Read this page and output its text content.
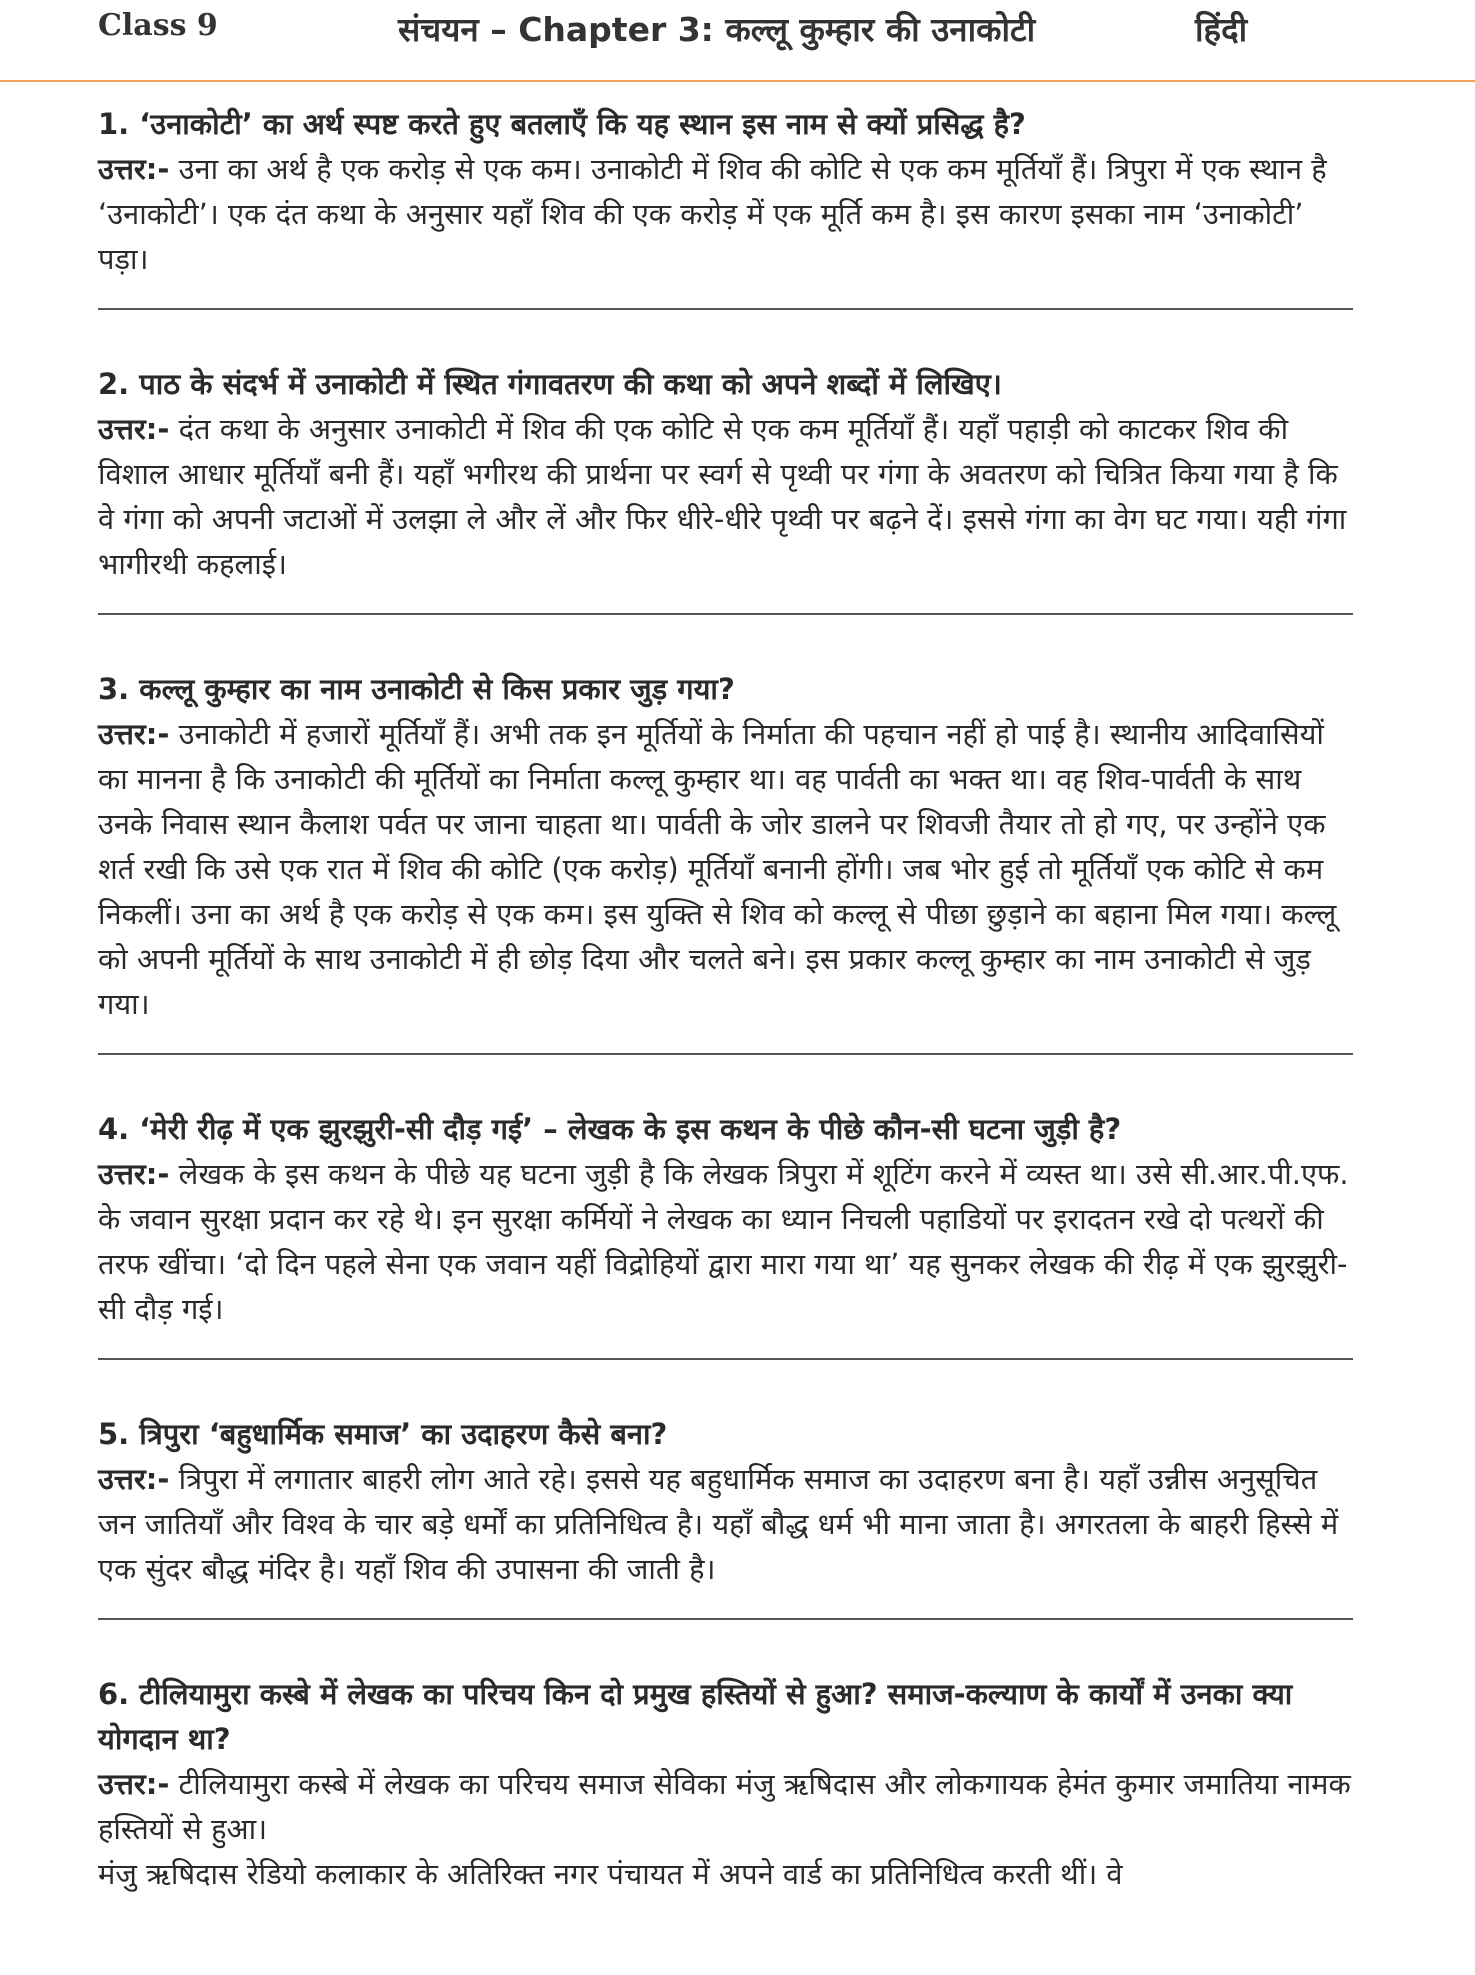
Class 9	संचयन – Chapter 3: कल्लू कुम्हार की उनाकोटी	हिंदी

1. ‘उनाकोटी’ का अर्थ स्पष्ट करते हुए बतलाएँ कि यह स्थान इस नाम से क्यों प्रसिद्ध है?

उत्तर:- उना का अर्थ है एक करोड़ से एक कम। उनाकोटी में शिव की कोटि से एक कम मूर्तियाँ हैं। त्रिपुरा में एक स्थान है ‘उनाकोटी’। एक दंत कथा के अनुसार यहाँ शिव की एक करोड़ में एक मूर्ति कम है। इस कारण इसका नाम ‘उनाकोटी’ पड़ा।

2. पाठ के संदर्भ में उनाकोटी में स्थित गंगावतरण की कथा को अपने शब्दों में लिखिए।

उत्तर:- दंत कथा के अनुसार उनाकोटी में शिव की एक कोटि से एक कम मूर्तियाँ हैं। यहाँ पहाड़ी को काटकर शिव की विशाल आधार मूर्तियाँ बनी हैं। यहाँ भगीरथ की प्रार्थना पर स्वर्ग से पृथ्वी पर गंगा के अवतरण को चित्रित किया गया है कि वे गंगा को अपनी जटाओं में उलझा ले और लें और फिर धीरे-धीरे पृथ्वी पर बढ़ने दें। इससे गंगा का वेग घट गया। यही गंगा भागीरथी कहलाई।

3. कल्लू कुम्हार का नाम उनाकोटी से किस प्रकार जुड़ गया?

उत्तर:- उनाकोटी में हजारों मूर्तियाँ हैं। अभी तक इन मूर्तियों के निर्माता की पहचान नहीं हो पाई है। स्थानीय आदिवासियों का मानना है कि उनाकोटी की मूर्तियों का निर्माता कल्लू कुम्हार था। वह पार्वती का भक्त था। वह शिव-पार्वती के साथ उनके निवास स्थान कैलाश पर्वत पर जाना चाहता था। पार्वती के जोर डालने पर शिवजी तैयार तो हो गए, पर उन्होंने एक शर्त रखी कि उसे एक रात में शिव की कोटि (एक करोड़) मूर्तियाँ बनानी होंगी। जब भोर हुई तो मूर्तियाँ एक कोटि से कम निकलीं। उना का अर्थ है एक करोड़ से एक कम। इस युक्ति से शिव को कल्लू से पीछा छुड़ाने का बहाना मिल गया। कल्लू को अपनी मूर्तियों के साथ उनाकोटी में ही छोड़ दिया और चलते बने। इस प्रकार कल्लू कुम्हार का नाम उनाकोटी से जुड़ गया।

4. ‘मेरी रीढ़ में एक झुरझुरी-सी दौड़ गई’ – लेखक के इस कथन के पीछे कौन-सी घटना जुड़ी है?

उत्तर:- लेखक के इस कथन के पीछे यह घटना जुड़ी है कि लेखक त्रिपुरा में शूटिंग करने में व्यस्त था। उसे सी.आर.पी.एफ. के जवान सुरक्षा प्रदान कर रहे थे। इन सुरक्षा कर्मियों ने लेखक का ध्यान निचली पहाडियों पर इरादतन रखे दो पत्थरों की तरफ खींचा। ‘दो दिन पहले सेना एक जवान यहीं विद्रोहियों द्वारा मारा गया था’ यह सुनकर लेखक की रीढ़ में एक झुरझुरी-सी दौड़ गई।

5. त्रिपुरा ‘बहुधार्मिक समाज’ का उदाहरण कैसे बना?

उत्तर:- त्रिपुरा में लगातार बाहरी लोग आते रहे। इससे यह बहुधार्मिक समाज का उदाहरण बना है। यहाँ उन्नीस अनुसूचित जन जातियाँ और विश्व के चार बड़े धर्मों का प्रतिनिधित्व है। यहाँ बौद्ध धर्म भी माना जाता है। अगरतला के बाहरी हिस्से में एक सुंदर बौद्ध मंदिर है। यहाँ शिव की उपासना की जाती है।

6. टीलियामुरा कस्बे में लेखक का परिचय किन दो प्रमुख हस्तियों से हुआ? समाज-कल्याण के कार्यों में उनका क्या योगदान था?

उत्तर:- टीलियामुरा कस्बे में लेखक का परिचय समाज सेविका मंजु ऋषिदास और लोकगायक हेमंत कुमार जमातिया नामक हस्तियों से हुआ।

मंजु ऋषिदास रेडियो कलाकार के अतिरिक्त नगर पंचायत में अपने वार्ड का प्रतिनिधित्व करती थीं। वे
